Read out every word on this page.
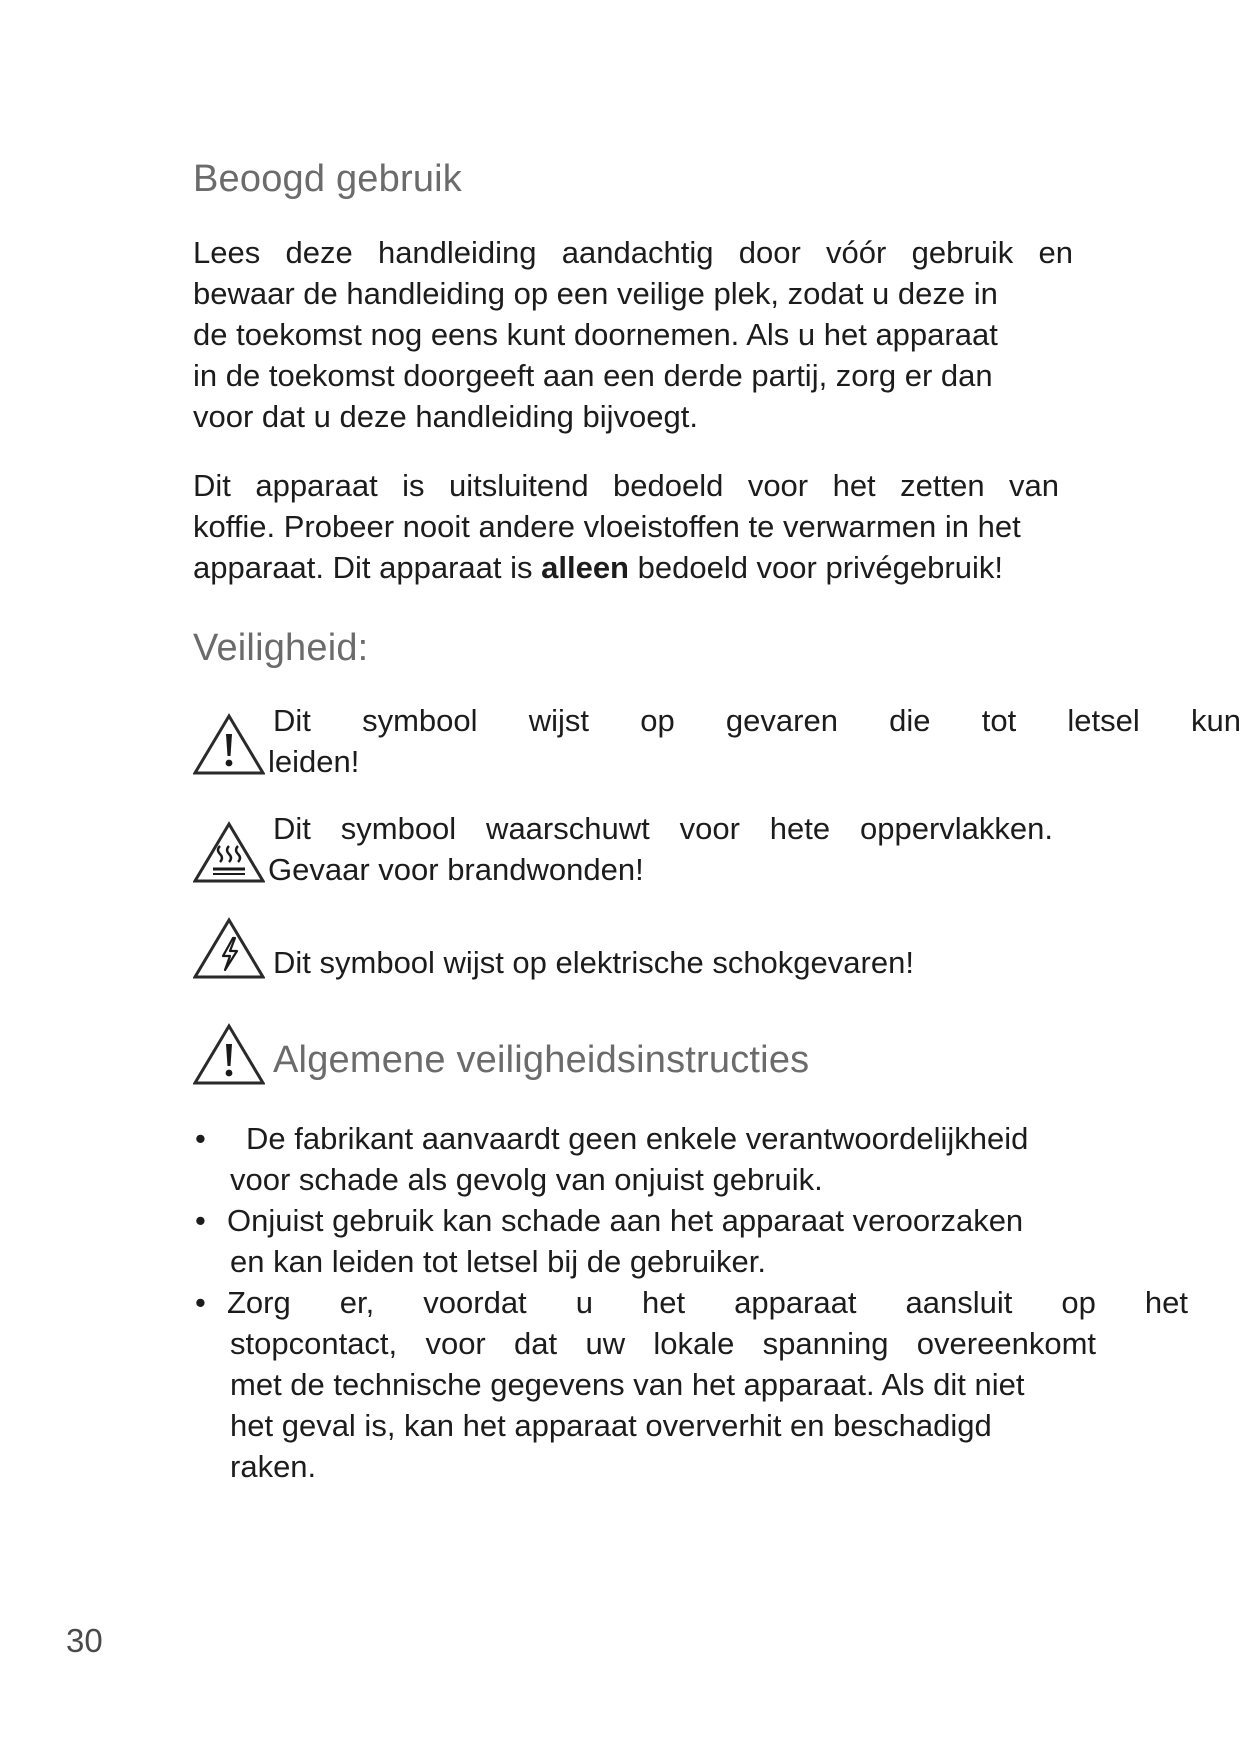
Beoogd gebruik
Lees deze handleiding aandachtig door vóór gebruik en
bewaar de handleiding op een veilige plek, zodat u deze in
de toekomst nog eens kunt doornemen. Als u het apparaat
in de toekomst doorgeeft aan een derde partij, zorg er dan
voor dat u deze handleiding bijvoegt.
Dit apparaat is uitsluitend bedoeld voor het zetten van
koffie. Probeer nooit andere vloeistoffen te verwarmen in het
apparaat. Dit apparaat is alleen bedoeld voor privégebruik!
Veiligheid:
Dit symbool wijst op gevaren die tot letsel kun
leiden!
Dit symbool waarschuwt voor hete oppervlakken.
Gevaar voor brandwonden!
Dit symbool wijst op elektrische schokgevaren!
Algemene veiligheidsinstructies
•	De fabrikant aanvaardt geen enkele verantwoordelijkheid
voor schade als gevolg van onjuist gebruik.
• Onjuist gebruik kan schade aan het apparaat veroorzaken
en kan leiden tot letsel bij de gebruiker.
• Zorg er, voordat u het apparaat aansluit op het
stopcontact, voor dat uw lokale spanning overeenkomt
met de technische gegevens van het apparaat. Als dit niet
het geval is, kan het apparaat oververhit en beschadigd
raken.
30
